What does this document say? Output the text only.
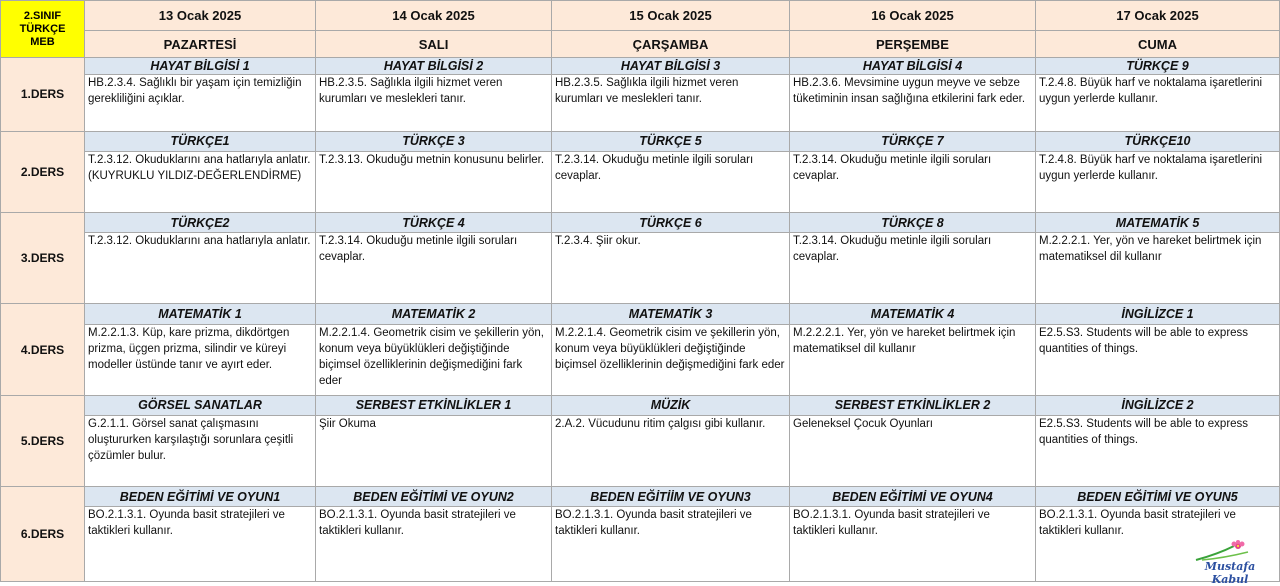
2.SINIF
TÜRKÇE
MEB	13 Ocak 2025	14 Ocak 2025	15 Ocak 2025	16 Ocak 2025	17 Ocak 2025
	PAZARTESİ	SALI	ÇARŞAMBA	PERŞEMBE	CUMA
1.DERS	HAYAT BİLGİSİ 1	HAYAT BİLGİSİ 2	HAYAT BİLGİSİ 3	HAYAT BİLGİSİ 4	TÜRKÇE 9
	HB.2.3.4. Sağlıklı bir yaşam için temizliğin gerekliliğini açıklar.	HB.2.3.5. Sağlıkla ilgili hizmet veren kurumları ve meslekleri tanır.	HB.2.3.5. Sağlıkla ilgili hizmet veren kurumları ve meslekleri tanır.	HB.2.3.6. Mevsimine uygun meyve ve sebze tüketiminin insan sağlığına etkilerini fark eder.	T.2.4.8. Büyük harf ve noktalama işaretlerini uygun yerlerde kullanır.
2.DERS	TÜRKÇE1	TÜRKÇE 3	TÜRKÇE 5	TÜRKÇE 7	TÜRKÇE10
	T.2.3.12. Okuduklarını ana hatlarıyla anlatır.(KUYRUKLU YILDIZ-DEĞERLENDİRME)	T.2.3.13. Okuduğu metnin konusunu belirler.	T.2.3.14. Okuduğu metinle ilgili soruları cevaplar.	T.2.3.14. Okuduğu metinle ilgili soruları cevaplar.	T.2.4.8. Büyük harf ve noktalama işaretlerini uygun yerlerde kullanır.
3.DERS	TÜRKÇE2	TÜRKÇE 4	TÜRKÇE 6	TÜRKÇE 8	MATEMATİK 5
	T.2.3.12. Okuduklarını ana hatlarıyla anlatır.	T.2.3.14. Okuduğu metinle ilgili soruları cevaplar.	T.2.3.4. Şiir okur.	T.2.3.14. Okuduğu metinle ilgili soruları cevaplar.	M.2.2.2.1. Yer, yön ve hareket belirtmek için matematiksel dil kullanır
4.DERS	MATEMATİK 1	MATEMATİK 2	MATEMATİK 3	MATEMATİK 4	İNGİLİZCE 1
	M.2.2.1.3. Küp, kare prizma, dikdörtgen prizma, üçgen prizma, silindir ve küreyi modeller üstünde tanır ve ayırt eder.	M.2.2.1.4. Geometrik cisim ve şekillerin yön, konum veya büyüklükleri değiştiğinde biçimsel özelliklerinin değişmediğini fark eder	M.2.2.1.4. Geometrik cisim ve şekillerin yön, konum veya büyüklükleri değiştiğinde biçimsel özelliklerinin değişmediğini fark eder	M.2.2.2.1. Yer, yön ve hareket belirtmek için matematiksel dil kullanır	E2.5.S3. Students will be able to express quantities of things.
5.DERS	GÖRSEL SANATLAR	SERBEST ETKİNLİKLER 1	MÜZİK	SERBEST ETKİNLİKLER 2	İNGİLİZCE 2
	G.2.1.1. Görsel sanat çalışmasını oluştururken karşılaştığı sorunlara çeşitli çözümler bulur.	Şiir Okuma	2.A.2. Vücudunu ritim çalgısı gibi kullanır.	Geleneksel Çocuk Oyunları	E2.5.S3. Students will be able to express quantities of things.
6.DERS	BEDEN EĞİTİMİ VE OYUN1	BEDEN EĞİTİMİ VE OYUN2	BEDEN EĞİTİİM VE OYUN3	BEDEN EĞİTİMİ VE OYUN4	BEDEN EĞİTİMİ VE OYUN5
	BO.2.1.3.1. Oyunda basit stratejileri ve taktikleri kullanır.	BO.2.1.3.1. Oyunda basit stratejileri ve taktikleri kullanır.	BO.2.1.3.1. Oyunda basit stratejileri ve taktikleri kullanır.	BO.2.1.3.1. Oyunda basit stratejileri ve taktikleri kullanır.	BO.2.1.3.1. Oyunda basit stratejileri ve taktikleri kullanır.
Mustafa Kabul
